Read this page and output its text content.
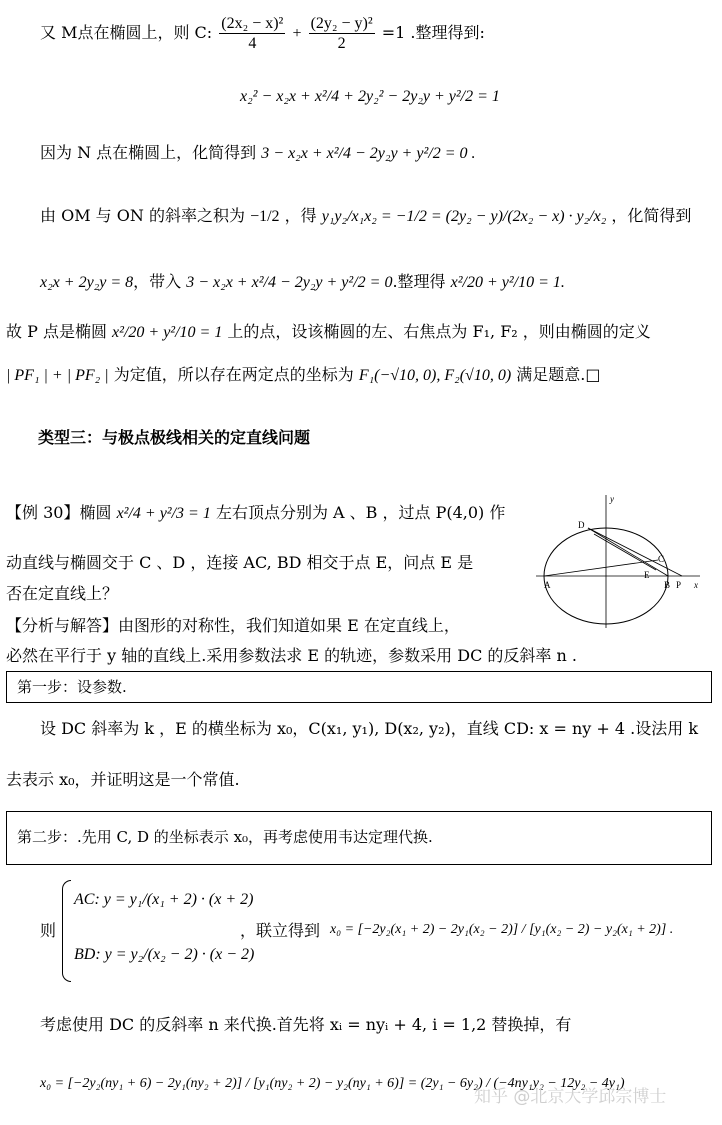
又 M点在椭圆上，则 C: $\frac{\text{(2x₂ − x)²}}{4} + \frac{\text{(2y₂ − y)²}}{2} =1$ .整理得到:
x₂² − x₂x + x²/4 + 2y₂² − 2y₂y + y²/2 = 1
因为 N 点在椭圆上，化简得到 3 − x₂x + x²/4 − 2y₂y + y²/2 = 0 .
由 OM 与 ON 的斜率之积为 −1/2 ，得 y₁y₂/x₁x₂ = −1/2 = (2y₂ − y)/(2x₂ − x) · y₂/x₂ ，化简得到
x₂x + 2y₂y = 8，带入 3 − x₂x + x²/4 − 2y₂y + y²/2 = 0.整理得 x²/20 + y²/10 = 1.
故 P 点是椭圆 x²/20 + y²/10 = 1 上的点，设该椭圆的左、右焦点为 F₁, F₂ ，则由椭圆的定义
| PF₁ | + | PF₂ | 为定值，所以存在两定点的坐标为 F₁(−√10, 0), F₂(√10, 0) 满足题意.□
类型三：与极点极线相关的定直线问题
【例 30】椭圆 x²/4 + y²/3 = 1 左右顶点分别为 A 、B ，过点 P(4,0) 作
动直线与椭圆交于 C 、D ，连接 AC, BD 相交于点 E，问点 E 是
否在定直线上？
y
D
C
A
E
B P x
【分析与解答】由图形的对称性，我们知道如果 E 在定直线上，
必然在平行于 y 轴的直线上.采用参数法求 E 的轨迹，参数采用 DC 的反斜率 n .
第一步：设参数.
设 DC 斜率为 k ，E 的横坐标为 x₀，C(x₁, y₁), D(x₂, y₂)，直线 CD: x = ny + 4 .设法用 k
去表示 x₀，并证明这是一个常值.
第二步：.先用 C, D 的坐标表示 x₀，再考虑使用韦达定理代换.
则
AC: y = y₁/(x₁ + 2) · (x + 2)
BD: y = y₂/(x₂ − 2) · (x − 2)
，联立得到 x₀ = [−2y₂(x₁ + 2) − 2y₁(x₂ − 2)] / [y₁(x₂ − 2) − y₂(x₁ + 2)] .
考虑使用 DC 的反斜率 n 来代换.首先将 xᵢ = nyᵢ + 4, i = 1,2 替换掉，有
x₀ = [−2y₂(ny₁ + 6) − 2y₁(ny₂ + 2)] / [y₁(ny₂ + 2) − y₂(ny₁ + 6)] = (2y₁ − 6y₂) / (−4ny₁y₂ − 12y₂ − 4y₁)
知乎 @北京大学邱宗博士
